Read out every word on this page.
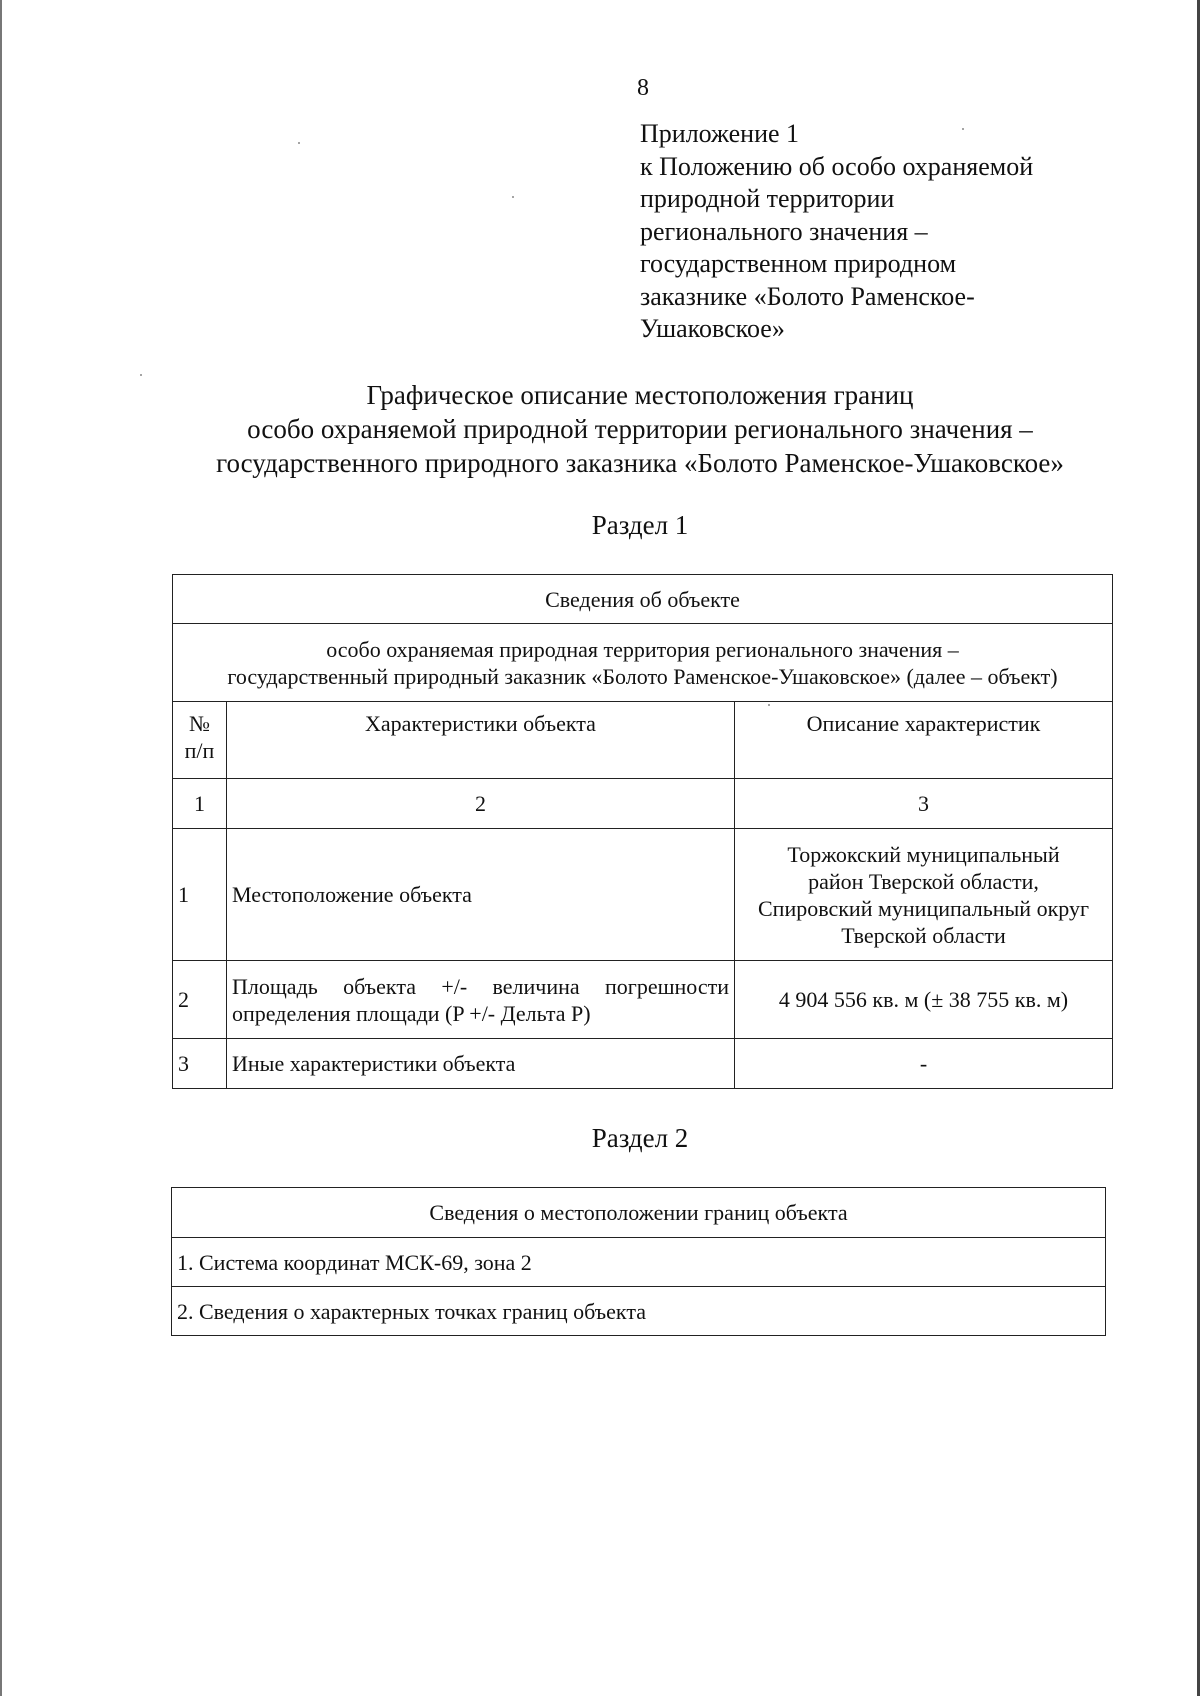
8
Приложение 1
к Положению об особо охраняемой
природной территории
регионального значения –
государственном природном
заказнике «Болото Раменское-
Ушаковское»
Графическое описание местоположения границ
особо охраняемой природной территории регионального значения –
государственного природного заказника «Болото Раменское-Ушаковское»
Раздел 1
Сведения об объекте		

особо охраняемая природная территория регионального значения –
государственный природный заказник «Болото Раменское-Ушаковское» (далее – объект)		

№
п/п	Характеристики объекта	Описание характеристик
1	2	3
1	Местоположение объекта	Торжокский муниципальный
район Тверской области,
Спировский муниципальный округ
Тверской области

2	Площадь объекта +/- величина погрешности определения площади (P +/- Дельта P)	4 904 556 кв. м (± 38 755 кв. м)
3	Иные характеристики объекта	-
Раздел 2
Сведения о местоположении границ объекта
1. Система координат МСК-69, зона 2
2. Сведения о характерных точках границ объекта
